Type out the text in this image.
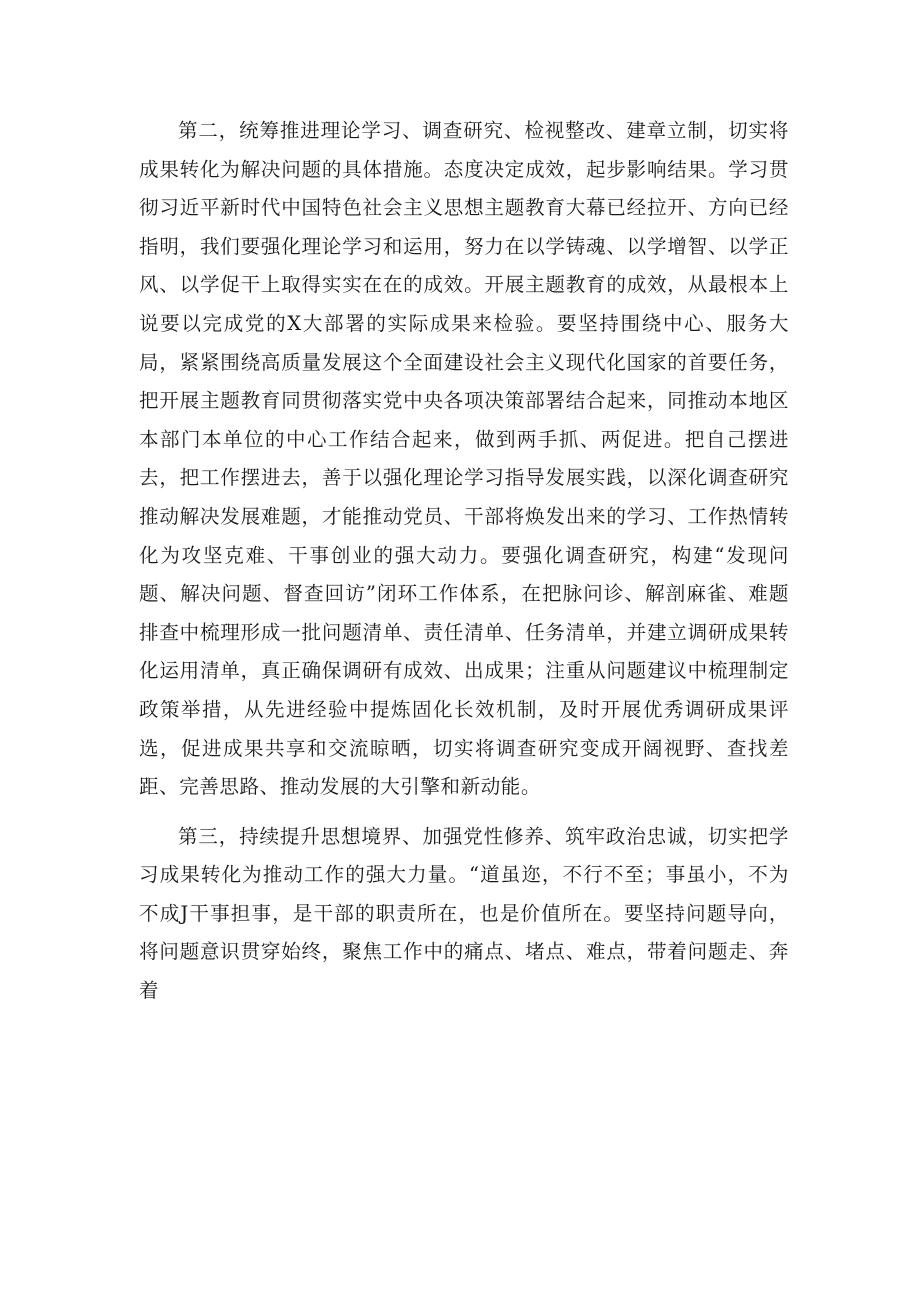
第二，统筹推进理论学习、调查研究、检视整改、建章立制，切实将成果转化为解决问题的具体措施。态度决定成效，起步影响结果。学习贯彻习近平新时代中国特色社会主义思想主题教育大幕已经拉开、方向已经指明，我们要强化理论学习和运用，努力在以学铸魂、以学增智、以学正风、以学促干上取得实实在在的成效。开展主题教育的成效，从最根本上说要以完成党的X大部署的实际成果来检验。要坚持围绕中心、服务大局，紧紧围绕高质量发展这个全面建设社会主义现代化国家的首要任务，把开展主题教育同贯彻落实党中央各项决策部署结合起来，同推动本地区本部门本单位的中心工作结合起来，做到两手抓、两促进。把自己摆进去，把工作摆进去，善于以强化理论学习指导发展实践，以深化调查研究推动解决发展难题，才能推动党员、干部将焕发出来的学习、工作热情转化为攻坚克难、干事创业的强大动力。要强化调查研究，构建“发现问题、解决问题、督查回访”闭环工作体系，在把脉问诊、解剖麻雀、难题排查中梳理形成一批问题清单、责任清单、任务清单，并建立调研成果转化运用清单，真正确保调研有成效、出成果；注重从问题建议中梳理制定政策举措，从先进经验中提炼固化长效机制，及时开展优秀调研成果评选，促进成果共享和交流晾晒，切实将调查研究变成开阔视野、查找差距、完善思路、推动发展的大引擎和新动能。

第三，持续提升思想境界、加强党性修养、筑牢政治忠诚，切实把学习成果转化为推动工作的强大力量。“道虽迩，不行不至；事虽小，不为不成J干事担事，是干部的职责所在，也是价值所在。要坚持问题导向，将问题意识贯穿始终，聚焦工作中的痛点、堵点、难点，带着问题走、奔着
